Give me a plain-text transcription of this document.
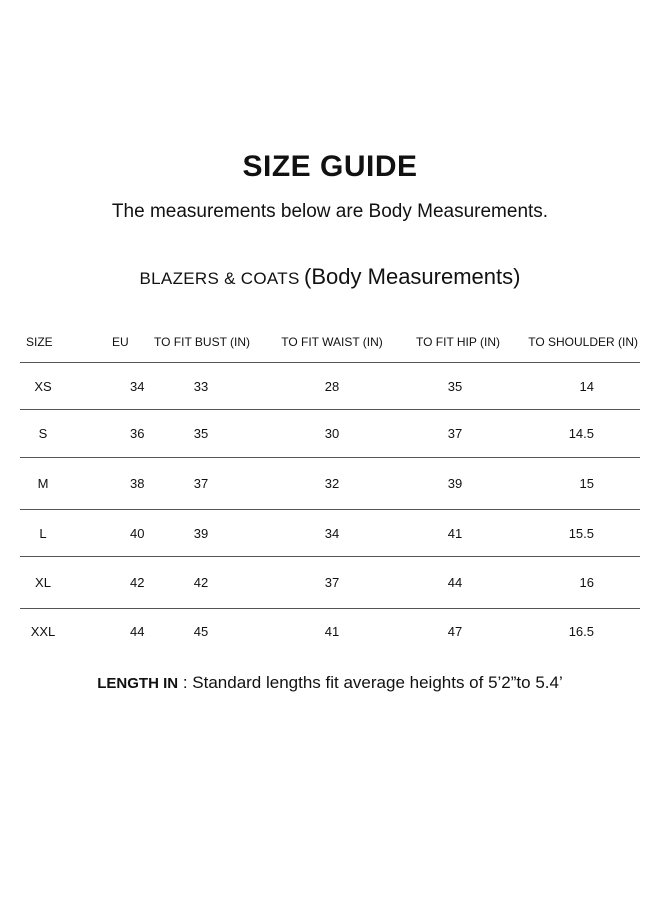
SIZE GUIDE
The measurements below are Body Measurements.
BLAZERS & COATS (Body Measurements)
SIZE	EU	TO FIT BUST (IN)	TO FIT WAIST (IN)	TO FIT HIP (IN)	TO SHOULDER (IN)
XS	34	33	28	35	14
S	36	35	30	37	14.5
M	38	37	32	39	15
L	40	39	34	41	15.5
XL	42	42	37	44	16
XXL	44	45	41	47	16.5
LENGTH IN : Standard lengths fit average heights of 5’2”to 5.4’
